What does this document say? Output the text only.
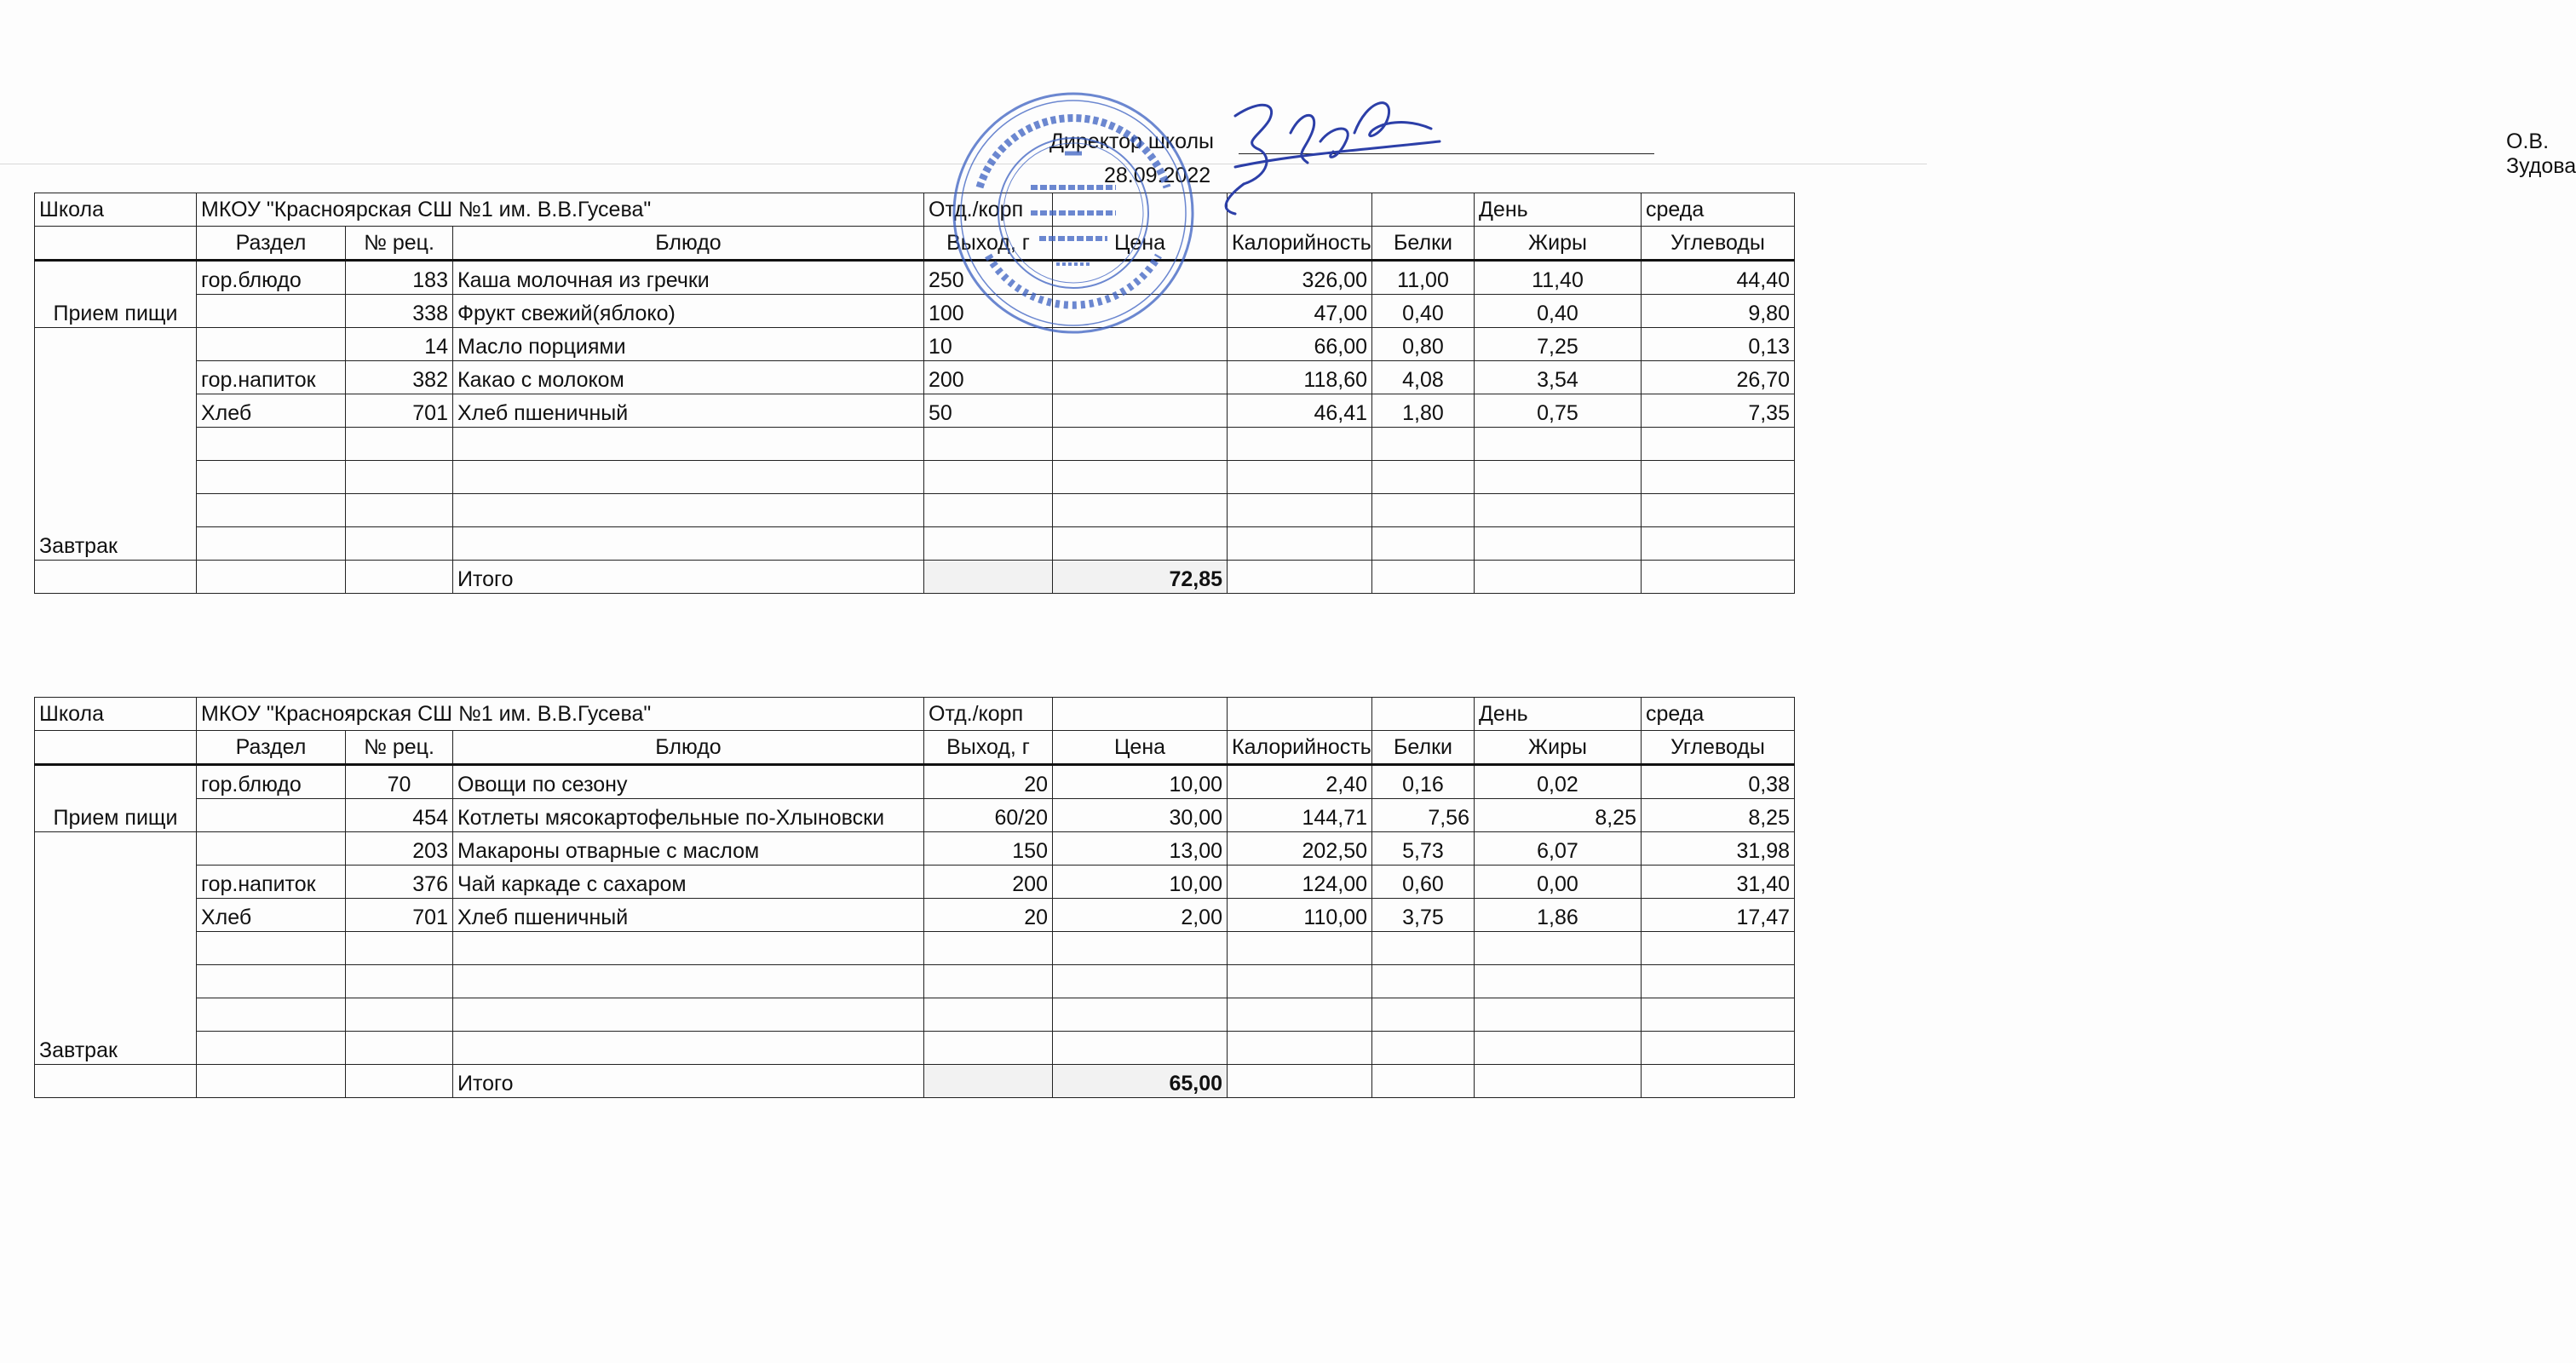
Директор школы	О.В. Зудова
28.09.2022
Школа	МКОУ "Красноярская СШ №1 им. В.В.Гусева"			Отд./корп				День	среда
	Раздел	№ рец.	Блюдо	Выход, г	Цена	Калорийность	Белки	Жиры	Углеводы
Прием пищи	гор.блюдо	183	Каша молочная из гречки	250		326,00	11,00	11,40	44,40
		338	Фрукт свежий(яблоко)	100		47,00	0,40	0,40	9,80
Завтрак		14	Масло порциями	10		66,00	0,80	7,25	0,13
	гор.напиток	382	Какао с молоком	200		118,60	4,08	3,54	26,70
	Хлеб	701	Хлеб пшеничный	50		46,41	1,80	0,75	7,35

			Итого		72,85				
Школа	МКОУ "Красноярская СШ №1 им. В.В.Гусева"			Отд./корп				День	среда
	Раздел	№ рец.	Блюдо	Выход, г	Цена	Калорийность	Белки	Жиры	Углеводы
Прием пищи	гор.блюдо	70	Овощи по сезону	20	10,00	2,40	0,16	0,02	0,38
		454	Котлеты мясокартофельные по-Хлыновски	60/20	30,00	144,71	7,56	8,25	8,25
Завтрак		203	Макароны отварные с маслом	150	13,00	202,50	5,73	6,07	31,98
	гор.напиток	376	Чай каркаде с сахаром	200	10,00	124,00	0,60	0,00	31,40
	Хлеб	701	Хлеб пшеничный	20	2,00	110,00	3,75	1,86	17,47

			Итого		65,00				
